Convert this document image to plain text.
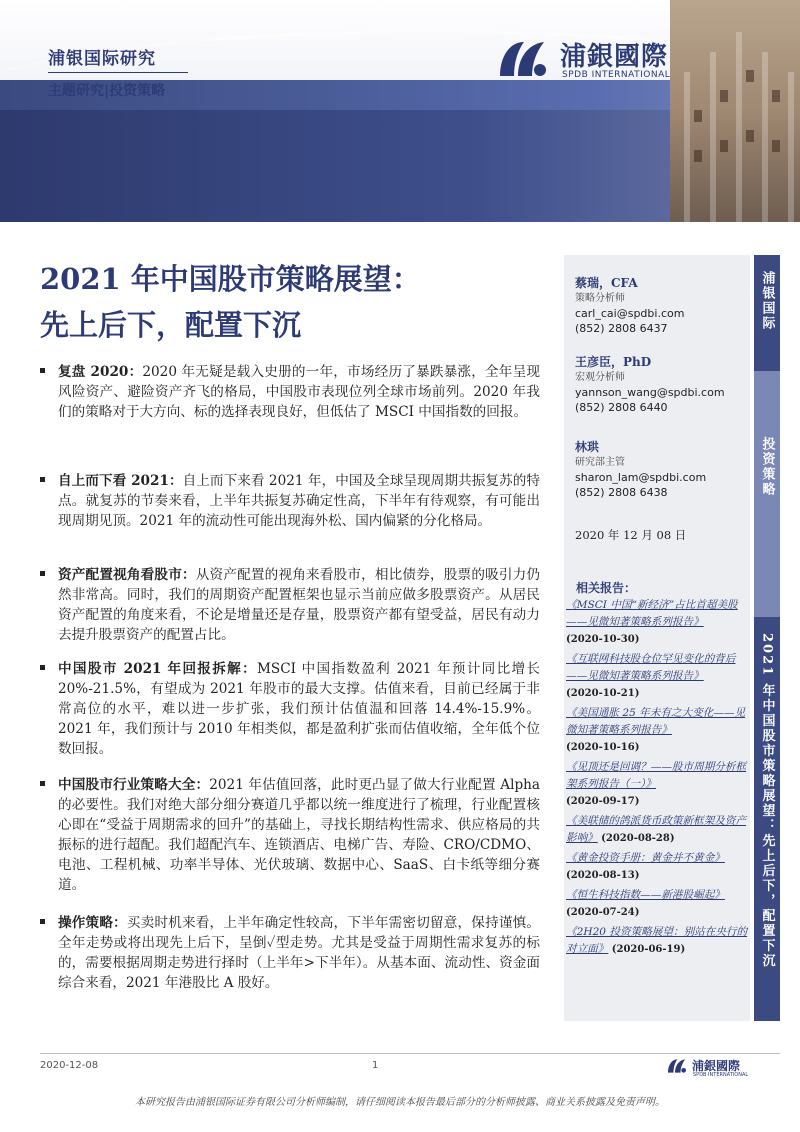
浦银国际研究
主题研究|投资策略
浦銀國際
SPDB INTERNATIONAL
2021 年中国股市策略展望：
先上后下，配置下沉
复盘 2020：2020 年无疑是载入史册的一年，市场经历了暴跌暴涨，全年呈现风险资产、避险资产齐飞的格局，中国股市表现位列全球市场前列。2020 年我们的策略对于大方向、标的选择表现良好，但低估了 MSCI 中国指数的回报。
自上而下看 2021：自上而下来看 2021 年，中国及全球呈现周期共振复苏的特点。就复苏的节奏来看，上半年共振复苏确定性高，下半年有待观察，有可能出现周期见顶。2021 年的流动性可能出现海外松、国内偏紧的分化格局。
资产配置视角看股市：从资产配置的视角来看股市，相比债券，股票的吸引力仍然非常高。同时，我们的周期资产配置框架也显示当前应做多股票资产。从居民资产配置的角度来看，不论是增量还是存量，股票资产都有望受益，居民有动力去提升股票资产的配置占比。
中国股市 2021 年回报拆解：MSCI 中国指数盈利 2021 年预计同比增长 20%-21.5%，有望成为 2021 年股市的最大支撑。估值来看，目前已经属于非常高位的水平，难以进一步扩张，我们预计估值温和回落 14.4%-15.9%。2021 年，我们预计与 2010 年相类似，都是盈利扩张而估值收缩，全年低个位数回报。
中国股市行业策略大全：2021 年估值回落，此时更凸显了做大行业配置 Alpha 的必要性。我们对绝大部分细分赛道几乎都以统一维度进行了梳理，行业配置核心即在“受益于周期需求的回升”的基础上，寻找长期结构性需求、供应格局的共振标的进行超配。我们超配汽车、连锁酒店、电梯广告、寿险、CRO/CDMO、电池、工程机械、功率半导体、光伏玻璃、数据中心、SaaS、白卡纸等细分赛道。
操作策略：买卖时机来看，上半年确定性较高，下半年需密切留意，保持谨慎。全年走势或将出现先上后下，呈倒✓型走势。尤其是受益于周期性需求复苏的标的，需要根据周期走势进行择时（上半年>下半年）。从基本面、流动性、资金面综合来看，2021 年港股比 A 股好。
蔡瑞，CFA
策略分析师
carl_cai@spdbi.com
(852) 2808 6437
王彦臣，PhD
宏观分析师
yannson_wang@spdbi.com
(852) 2808 6440
林珙
研究部主管
sharon_lam@spdbi.com
(852) 2808 6438
2020 年 12 月 08 日
相关报告：
《MSCI 中国“新经济”占比首超美股——见微知著策略系列报告》
(2020-10-30)
《互联网科技股仓位罕见变化的背后——见微知著策略系列报告》
(2020-10-21)
《美国通胀 25 年未有之大变化——见微知著策略系列报告》
(2020-10-16)
《见顶还是回调？——股市周期分析框架系列报告（一）》
(2020-09-17)
《美联储的鸽派货币政策新框架及资产影响》 (2020-08-28)
《黄金投资手册：黄金并不黄金》 (2020-08-13)
《恒生科技指数——新港股崛起》
(2020-07-24)
《2H20 投资策略展望：别站在央行的对立面》 (2020-06-19)
浦银国际
投资策略
2021 年中国股市策略展望：先上后下，配置下沉
2020-12-08	1	浦銀國際
SPDB INTERNATIONAL
本研究报告由浦银国际证券有限公司分析师编制，请仔细阅读本报告最后部分的分析师披露、商业关系披露及免责声明。
